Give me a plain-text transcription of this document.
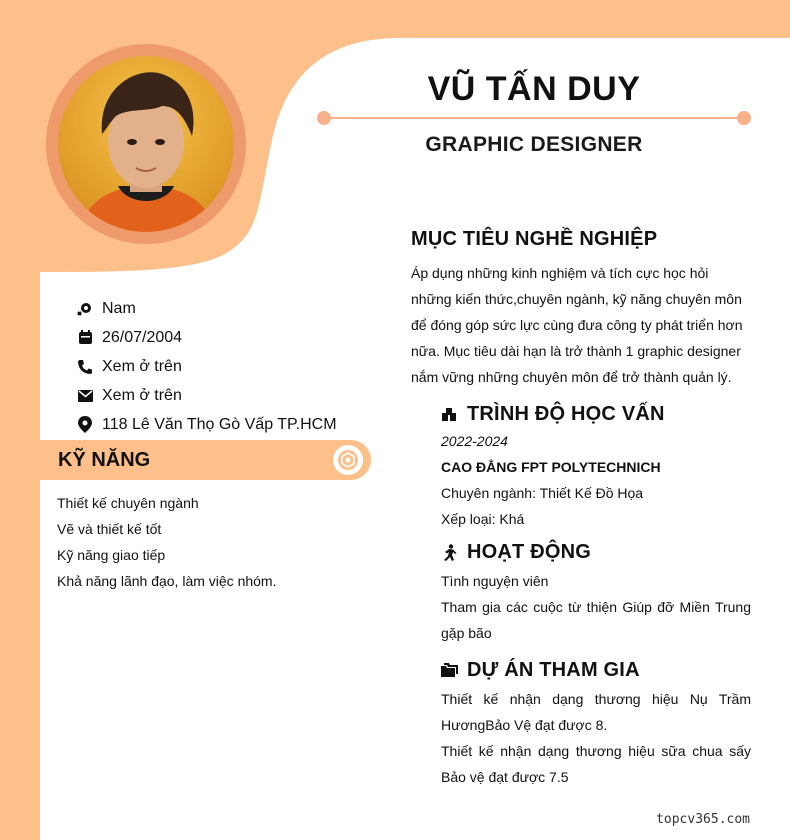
VŨ TẤN DUY
GRAPHIC DESIGNER
Nam
26/07/2004
Xem ở trên
Xem ở trên
118 Lê Văn Thọ Gò Vấp TP.HCM
KỸ NĂNG
Thiết kế chuyên ngành
Vẽ và thiết kế tốt
Kỹ năng giao tiếp
Khả năng lãnh đạo, làm việc nhóm.
MỤC TIÊU NGHỀ NGHIỆP
Áp dụng những kinh nghiệm và tích cực học hỏi những kiến thức,chuyên ngành, kỹ năng chuyên môn để đóng góp sức lực cùng đưa công ty phát triển hơn nữa. Mục tiêu dài hạn là trở thành 1 graphic designer nắm vững những chuyên môn để trở thành quản lý.
TRÌNH ĐỘ HỌC VẤN
2022-2024
CAO ĐẲNG FPT POLYTECHNICH
Chuyên ngành: Thiết Kế Đồ Họa
Xếp loại: Khá
HOẠT ĐỘNG
Tình nguyện viên
Tham gia các cuộc từ thiện Giúp đỡ Miền Trung gặp bão
DỰ ÁN THAM GIA
Thiết kế nhận dạng thương hiệu Nụ Trầm HươngBảo Vệ đạt được 8.
Thiết kế nhận dạng thương hiệu sữa chua sấy Bảo vệ đạt được 7.5
topcv365.com
